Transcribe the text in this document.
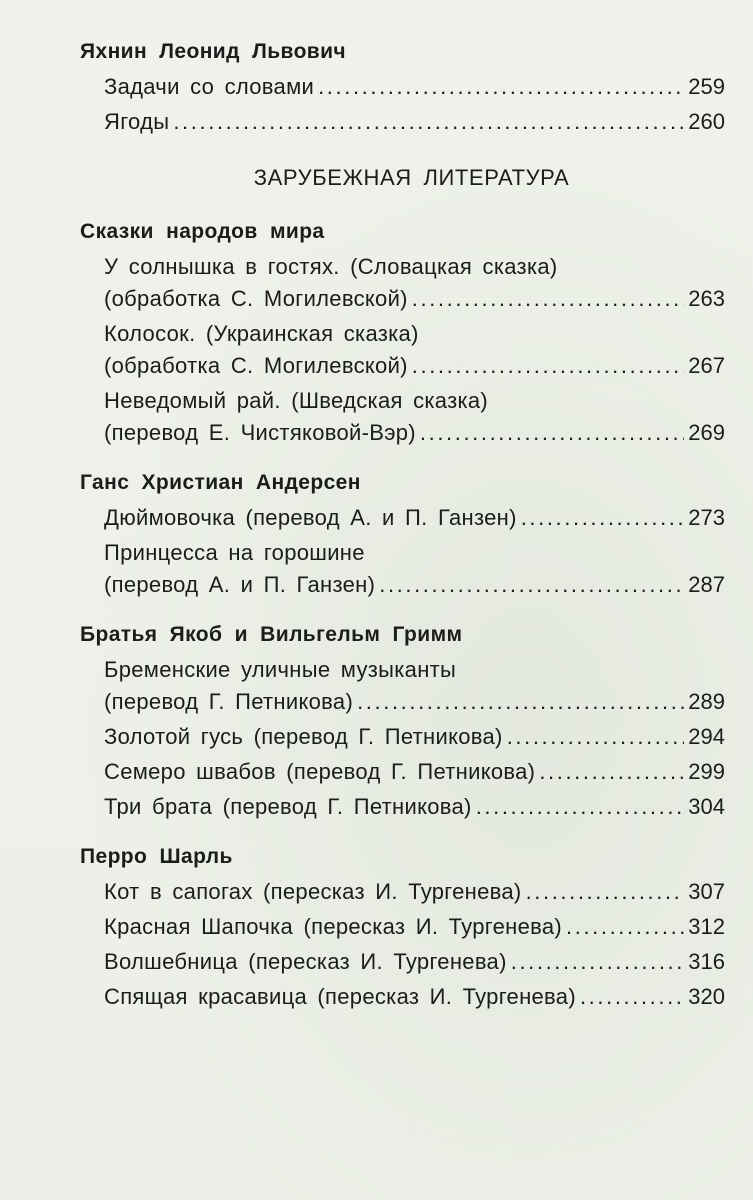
Яхнин Леонид Львович
Задачи со словами .....	259
Ягоды .....	260
ЗАРУБЕЖНАЯ ЛИТЕРАТУРА
Сказки народов мира
У солнышка в гостях. (Словацкая сказка)
(обработка С. Могилевской) .....	263
Колосок. (Украинская сказка)
(обработка С. Могилевской) .....	267
Неведомый рай. (Шведская сказка)
(перевод Е. Чистяковой-Вэр) .....	269
Ганс Христиан Андерсен
Дюймовочка (перевод А. и П. Ганзен) .....	273
Принцесса на горошине
(перевод А. и П. Ганзен) .....	287
Братья Якоб и Вильгельм Гримм
Бременские уличные музыканты
(перевод Г. Петникова) .....	289
Золотой гусь (перевод Г. Петникова) .....	294
Семеро швабов (перевод Г. Петникова) .....	299
Три брата (перевод Г. Петникова) .....	304
Перро Шарль
Кот в сапогах (пересказ И. Тургенева) .....	307
Красная Шапочка (пересказ И. Тургенева) .....	312
Волшебница (пересказ И. Тургенева) .....	316
Спящая красавица (пересказ И. Тургенева) .....	320
